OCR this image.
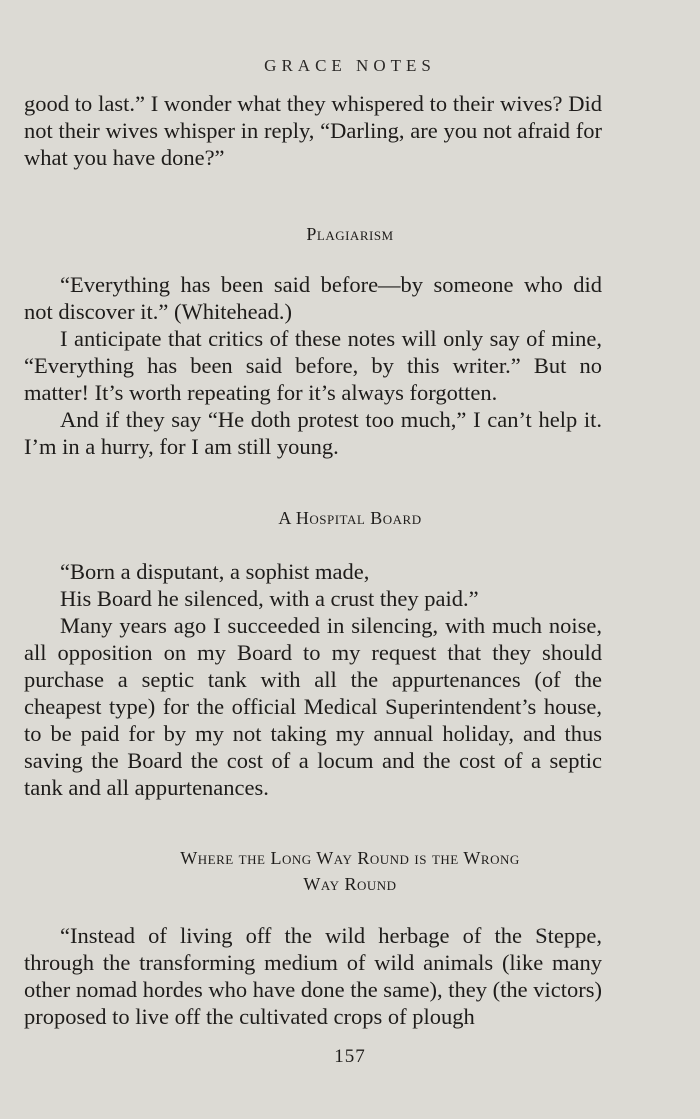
GRACE NOTES

good to last.” I wonder what they whispered to their wives? Did not their wives whisper in reply, “Darling, are you not afraid for what you have done?”

Plagiarism

“Everything has been said before—by someone who did not discover it.” (Whitehead.)

I anticipate that critics of these notes will only say of mine, “Everything has been said before, by this writer.” But no matter! It’s worth repeating for it’s always forgotten.

And if they say “He doth protest too much,” I can’t help it. I’m in a hurry, for I am still young.

A Hospital Board
“Born a disputant, a sophist made,
His Board he silenced, with a crust they paid.”

Many years ago I succeeded in silencing, with much noise, all opposition on my Board to my request that they should purchase a septic tank with all the appurtenances (of the cheapest type) for the official Medical Superintendent’s house, to be paid for by my not taking my annual holiday, and thus saving the Board the cost of a locum and the cost of a septic tank and all appurtenances.

Where the Long Way Round is the Wrong
Way Round

“Instead of living off the wild herbage of the Steppe, through the transforming medium of wild animals (like many other nomad hordes who have done the same), they (the victors) proposed to live off the cultivated crops of plough

157
